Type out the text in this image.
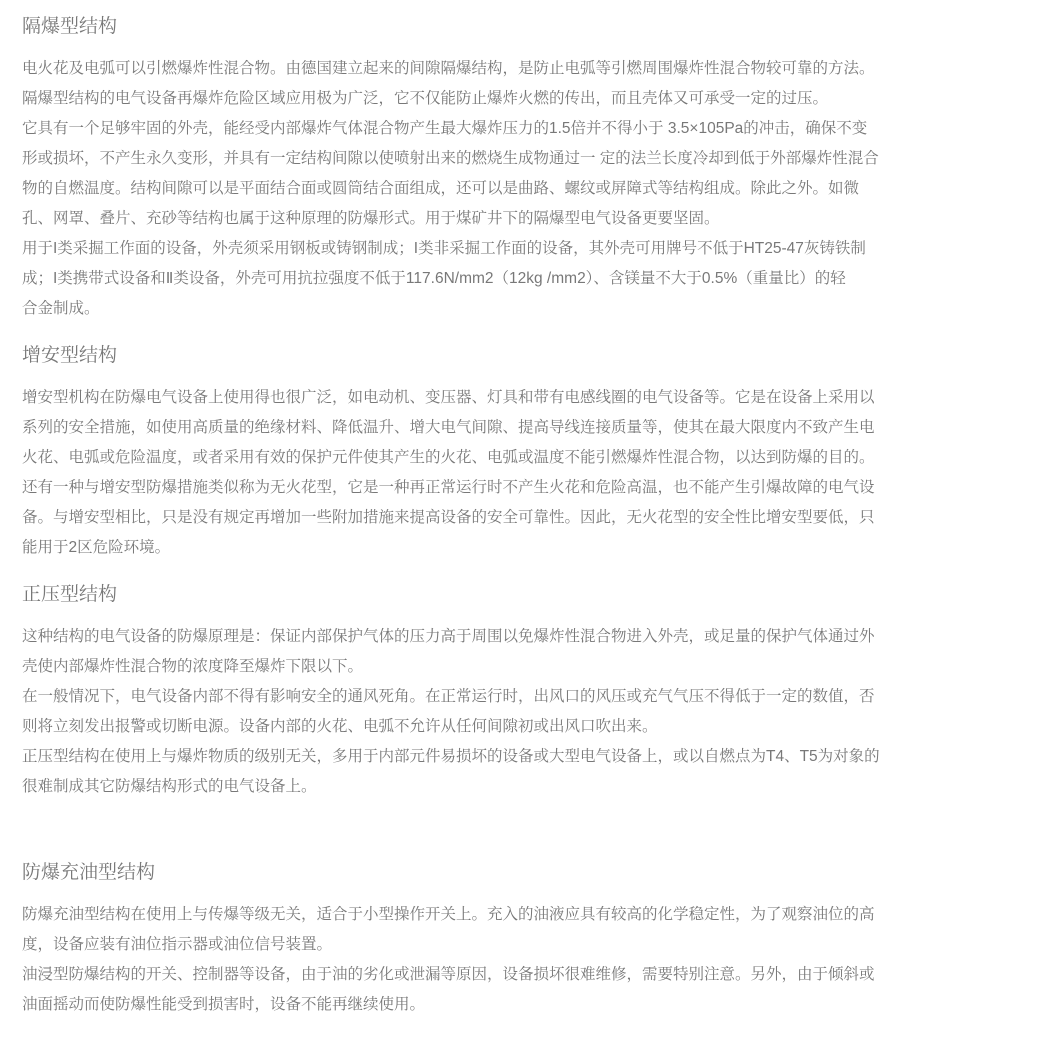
隔爆型结构

电火花及电弧可以引燃爆炸性混合物。由德国建立起来的间隙隔爆结构，是防止电弧等引燃周围爆炸性混合物较可靠的方法。
隔爆型结构的电气设备再爆炸危险区域应用极为广泛，它不仅能防止爆炸火燃的传出，而且壳体又可承受一定的过压。

它具有一个足够牢固的外壳，能经受内部爆炸气体混合物产生最大爆炸压力的1.5倍并不得小于 3.5×105Pa的冲击，确保不变
形或损坏，不产生永久变形，并具有一定结构间隙以使喷射出来的燃烧生成物通过一 定的法兰长度冷却到低于外部爆炸性混合
物的自燃温度。结构间隙可以是平面结合面或圆筒结合面组成，还可以是曲路、螺纹或屏障式等结构组成。除此之外。如微
孔、网罩、叠片、充砂等结构也属于这种原理的防爆形式。用于煤矿井下的隔爆型电气设备更要坚固。

用于I类采掘工作面的设备，外壳须采用钢板或铸钢制成；I类非采掘工作面的设备，其外壳可用牌号不低于HT25-47灰铸铁制
成；I类携带式设备和Ⅱ类设备，外壳可用抗拉强度不低于117.6N/mm2（12kg /mm2）、含镁量不大于0.5%（重量比）的轻
合金制成。

增安型结构

增安型机构在防爆电气设备上使用得也很广泛，如电动机、变压器、灯具和带有电感线圈的电气设备等。它是在设备上采用以
系列的安全措施，如使用高质量的绝缘材料、降低温升、增大电气间隙、提高导线连接质量等，使其在最大限度内不致产生电
火花、电弧或危险温度，或者采用有效的保护元件使其产生的火花、电弧或温度不能引燃爆炸性混合物，以达到防爆的目的。

还有一种与增安型防爆措施类似称为无火花型，它是一种再正常运行时不产生火花和危险高温，也不能产生引爆故障的电气设
备。与增安型相比，只是没有规定再增加一些附加措施来提高设备的安全可靠性。因此，无火花型的安全性比增安型要低，只
能用于2区危险环境。

正压型结构

这种结构的电气设备的防爆原理是：保证内部保护气体的压力高于周围以免爆炸性混合物进入外壳，或足量的保护气体通过外
壳使内部爆炸性混合物的浓度降至爆炸下限以下。

在一般情况下，电气设备内部不得有影响安全的通风死角。在正常运行时，出风口的风压或充气气压不得低于一定的数值，否
则将立刻发出报警或切断电源。设备内部的火花、电弧不允许从任何间隙初或出风口吹出来。

正压型结构在使用上与爆炸物质的级别无关，多用于内部元件易损坏的设备或大型电气设备上，或以自燃点为T4、T5为对象的
很难制成其它防爆结构形式的电气设备上。

防爆充油型结构

防爆充油型结构在使用上与传爆等级无关，适合于小型操作开关上。充入的油液应具有较高的化学稳定性，为了观察油位的高
度，设备应装有油位指示器或油位信号装置。

油浸型防爆结构的开关、控制器等设备，由于油的劣化或泄漏等原因，设备损坏很难维修，需要特别注意。另外，由于倾斜或
油面摇动而使防爆性能受到损害时，设备不能再继续使用。
